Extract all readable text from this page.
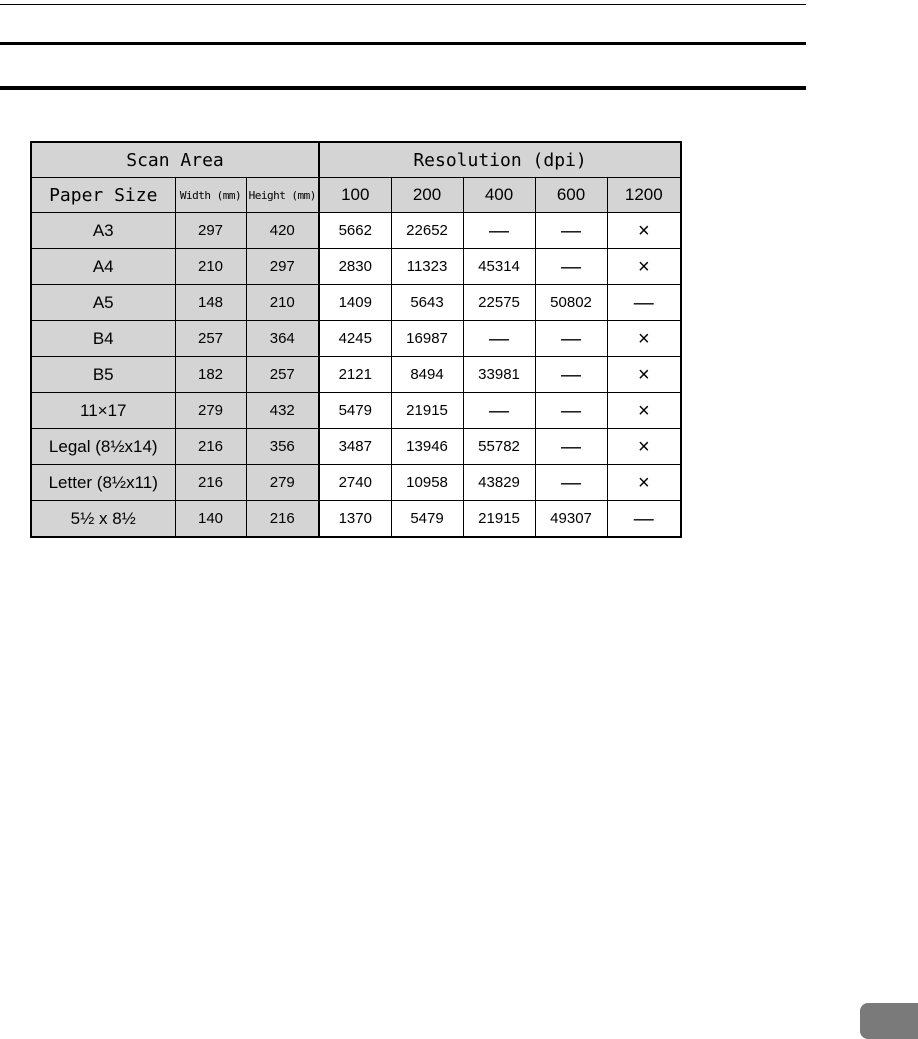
Scan Area			Resolution (dpi)				
Paper Size	Width (mm)	Height (mm)	100	200	400	600	1200
A3	297	420	5662	22652	—	—	×
A4	210	297	2830	11323	45314	—	×
A5	148	210	1409	5643	22575	50802	—
B4	257	364	4245	16987	—	—	×
B5	182	257	2121	8494	33981	—	×
11×17	279	432	5479	21915	—	—	×
Legal (8½x14)	216	356	3487	13946	55782	—	×
Letter (8½x11)	216	279	2740	10958	43829	—	×
5½ x 8½	140	216	1370	5479	21915	49307	—
